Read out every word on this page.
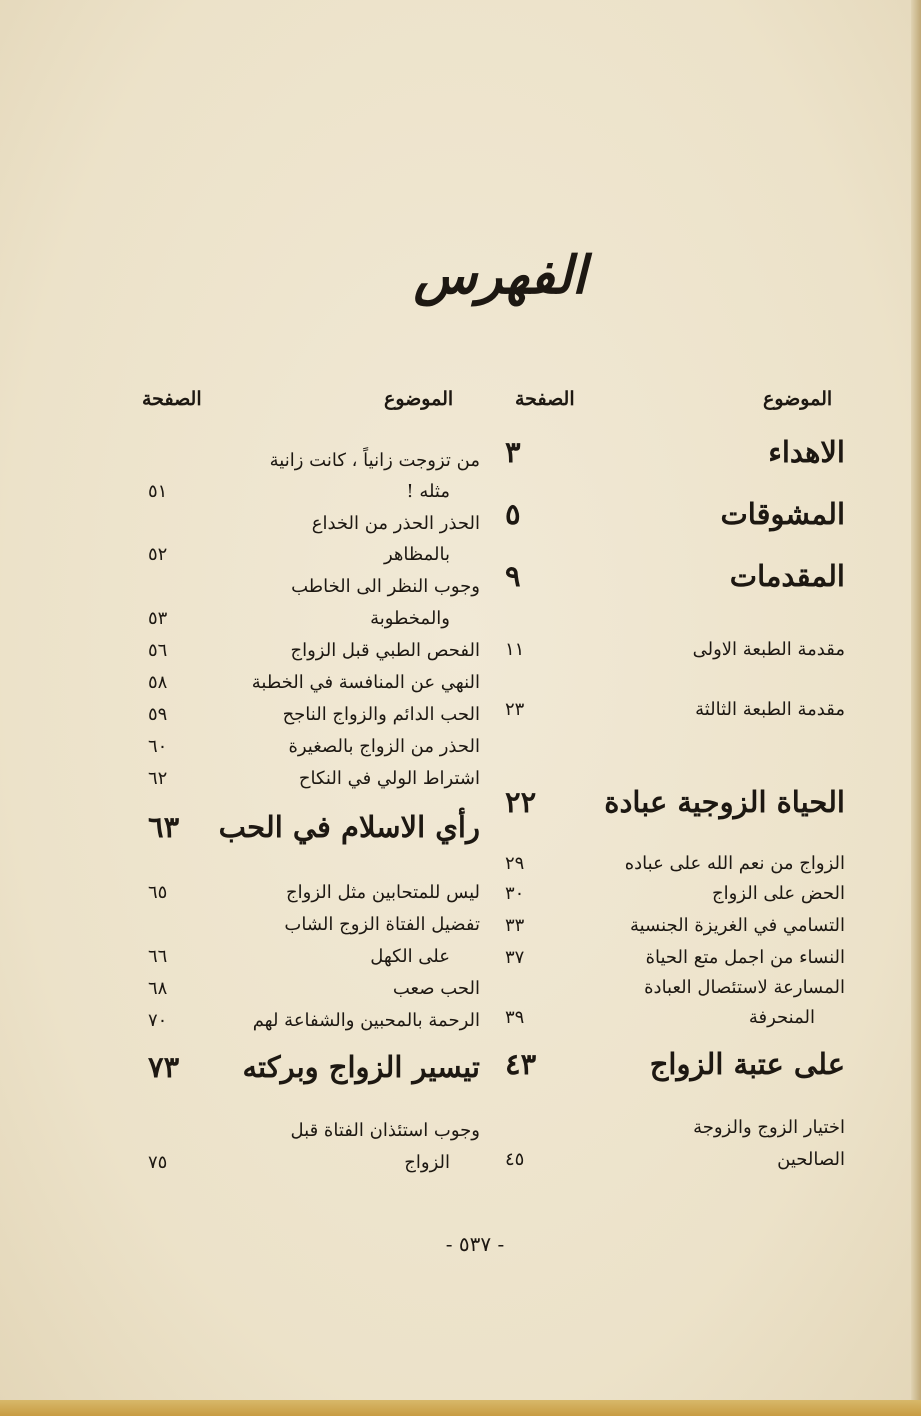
الفهرس
الموضوع
الصفحة
الموضوع
الصفحة
الاهداء
٣
المشوقات
٥
المقدمات
٩
مقدمة الطبعة الاولى
١١
مقدمة الطبعة الثالثة
٢٣
الحياة الزوجية عبادة
٢٢
الزواج من نعم الله على عباده
٢٩
الحض على الزواج
٣٠
التسامي في الغريزة الجنسية
٣٣
النساء من اجمل متع الحياة
٣٧
المسارعة لاستئصال العبادة
المنحرفة
٣٩
على عتبة الزواج
٤٣
اختيار الزوج والزوجة
الصالحين
٤٥
من تزوجت زانياً ، كانت زانية
مثله !
٥١
الحذر الحذر من الخداع
بالمظاهر
٥٢
وجوب النظر الى الخاطب
والمخطوبة
٥٣
الفحص الطبي قبل الزواج
٥٦
النهي عن المنافسة في الخطبة
٥٨
الحب الدائم والزواج الناجح
٥٩
الحذر من الزواج بالصغيرة
٦٠
اشتراط الولي في النكاح
٦٢
رأي الاسلام في الحب
٦٣
ليس للمتحابين مثل الزواج
٦٥
تفضيل الفتاة الزوج الشاب
على الكهل
٦٦
الحب صعب
٦٨
الرحمة بالمحبين والشفاعة لهم
٧٠
تيسير الزواج وبركته
٧٣
وجوب استئذان الفتاة قبل
الزواج
٧٥
- ٥٣٧ -
